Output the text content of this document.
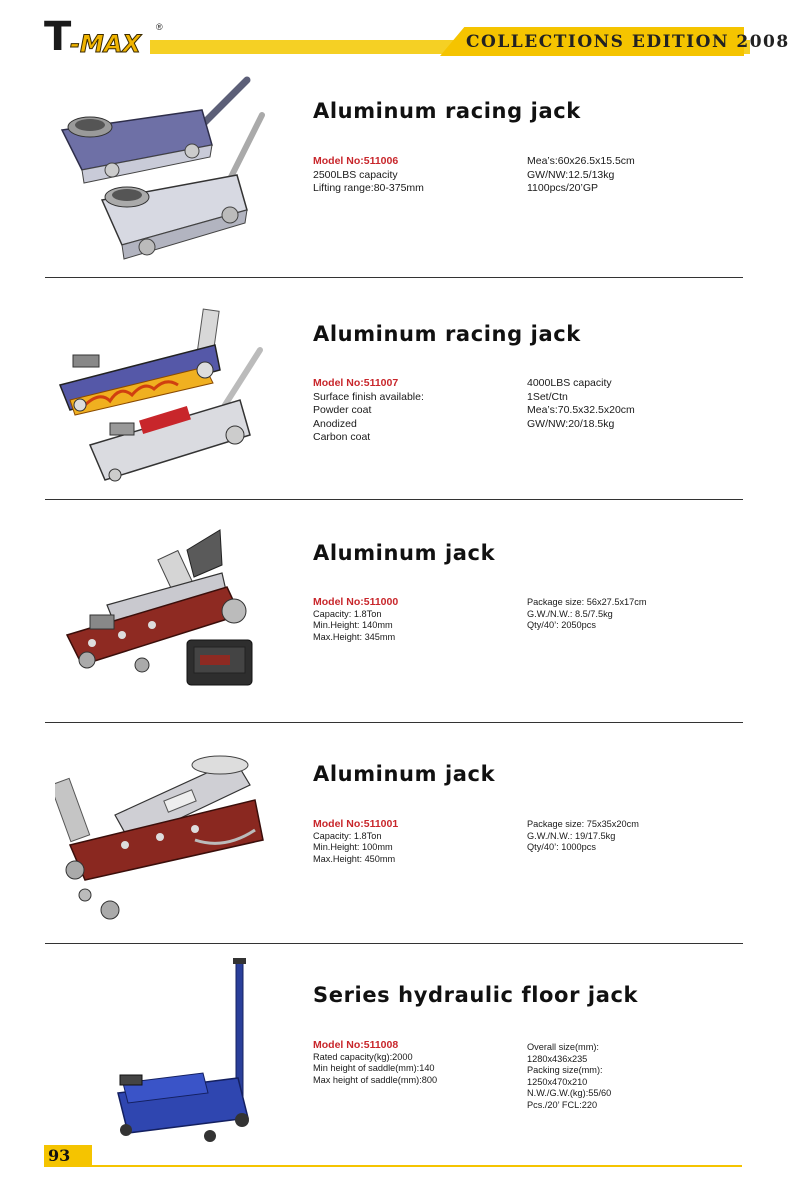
T -MAX
®
COLLECTIONS EDITION 2008
Aluminum racing jack
Model No:511006
2500LBS capacity
Lifting range:80-375mm
Mea’s:60x26.5x15.5cm
GW/NW:12.5/13kg
1100pcs/20’GP
Aluminum racing jack
Model No:511007
Surface finish available:
Powder coat
Anodized
Carbon coat
4000LBS capacity
1Set/Ctn
Mea’s:70.5x32.5x20cm
GW/NW:20/18.5kg
Aluminum jack
Model No:511000
Capacity: 1.8Ton
Min.Height: 140mm
Max.Height: 345mm
Package size: 56x27.5x17cm
G.W./N.W.: 8.5/7.5kg
Qty/40’: 2050pcs
Aluminum jack
Model No:511001
Capacity: 1.8Ton
Min.Height: 100mm
Max.Height: 450mm
Package size: 75x35x20cm
G.W./N.W.: 19/17.5kg
Qty/40’: 1000pcs
Series hydraulic floor jack
Model No:511008
Rated capacity(kg):2000
Min height of saddle(mm):140
Max height of saddle(mm):800
Overall size(mm):
1280x436x235
Packing size(mm):
1250x470x210
N.W./G.W.(kg):55/60
Pcs./20’ FCL:220
93
